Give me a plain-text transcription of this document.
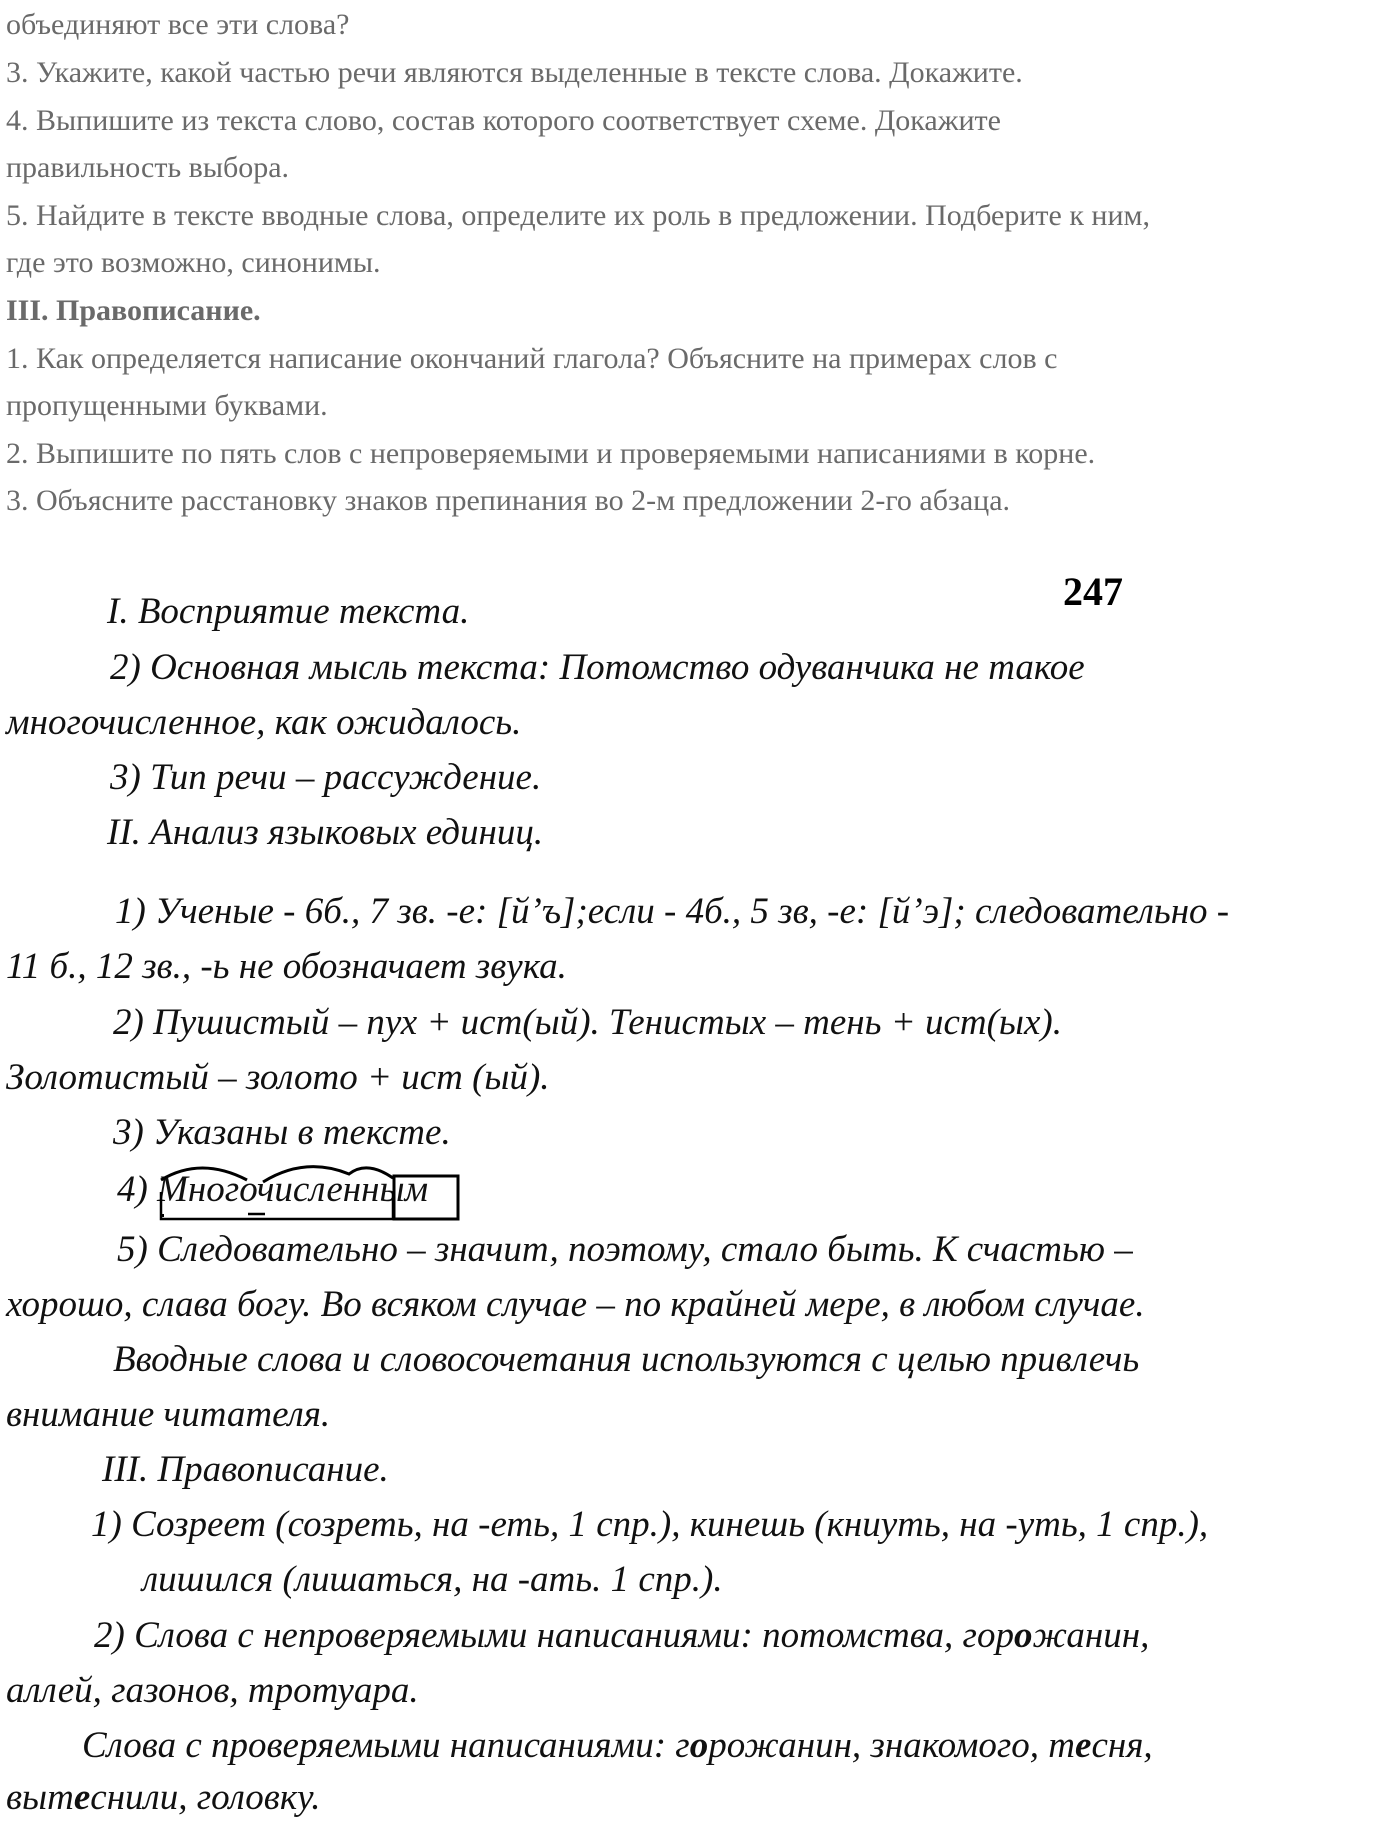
объединяют все эти слова?

3. Укажите, какой частью речи являются выделенные в тексте слова. Докажите.

4. Выпишите из текста слово, состав которого соответствует схеме. Докажите

правильность выбора.

5. Найдите в тексте вводные слова, определите их роль в предложении. Подберите к ним,

где это возможно, синонимы.

III. Правописание.

1. Как определяется написание окончаний глагола? Объясните на примерах слов с

пропущенными буквами.

2. Выпишите по пять слов с непроверяемыми и проверяемыми написаниями в корне.

3. Объясните расстановку знаков препинания во 2-м предложении 2-го абзаца.

247

I. Восприятие текста.

2) Основная мысль текста: Потомство одуванчика не такое

многочисленное, как ожидалось.

3) Тип речи – рассуждение.

II. Анализ языковых единиц.

1) Ученые - 6б., 7 зв. -е: [й’ъ];если - 4б., 5 зв, -е: [й’э]; следовательно -

11 б., 12 зв., -ь не обозначает звука.

2) Пушистый – пух + ист(ый). Тенистых – тень + ист(ых).

Золотистый – золото + ист (ый).

3) Указаны в тексте.

4) Многочисленным

5) Следовательно – значит, поэтому, стало быть. К счастью –

хорошо, слава богу. Во всяком случае – по крайней мере, в любом случае.

Вводные слова и словосочетания используются с целью привлечь

внимание читателя.

III. Правописание.

1) Созреет (созреть, на -еть, 1 спр.), кинешь (книуть, на -уть, 1 спр.),

лишился (лишаться, на -ать. 1 спр.).

2) Слова с непроверяемыми написаниями: потомства, горожанин,

аллей, газонов, тротуара.

Слова с проверяемыми написаниями: горожанин, знакомого, тесня,

вытеснили, головку.
